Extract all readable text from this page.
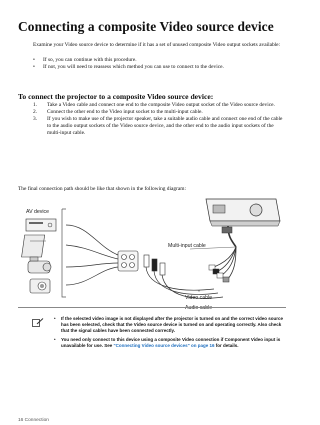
Connecting a composite Video source device

Examine your Video source device to determine if it has a set of unused composite Video output sockets available:

• If so, you can continue with this procedure.
• If not, you will need to reassess which method you can use to connect to the device.
To connect the projector to a composite Video source device:
1. Take a Video cable and connect one end to the composite Video output socket of the Video source device.
2. Connect the other end to the Video input socket to the multi-input cable.
3. If you wish to make use of the projector speaker, take a suitable audio cable and connect one end of the cable to the audio output sockets of the Video source device, and the other end to the audio input sockets of the multi-input cable.

The final connection path should be like that shown in the following diagram:

AV device
Multi-input cable
Video cable
Audio cable
• If the selected video image is not displayed after the projector is turned on and the correct video source has been selected, check that the Video source device is turned on and operating correctly. Also check that the signal cables have been connected correctly.
• You need only connect to this device using a composite Video connection if Component Video input is unavailable for use. See "Connecting Video source devices" on page 16 for details.
16 Connection
